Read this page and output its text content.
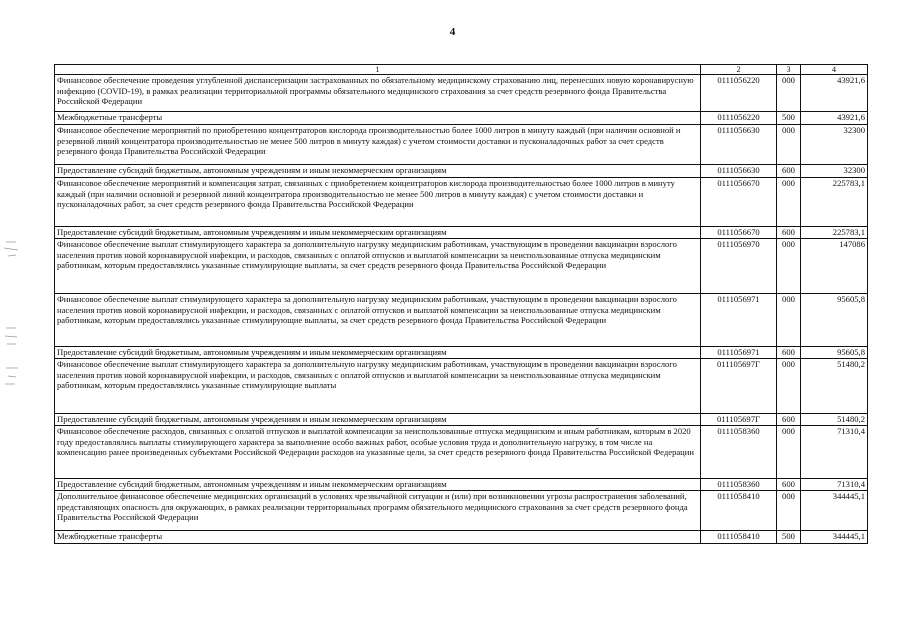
4
1	2	3	4
Финансовое обеспечение проведения углубленной диспансеризации застрахованных по обязательному медицинскому страхованию лиц, перенесших новую коронавирусную инфекцию (COVID-19), в рамках реализации территориальной программы обязательного медицинского страхования за счет средств резервного фонда Правительства Российской Федерации	0111056220	000	43921,6
Межбюджетные трансферты	0111056220	500	43921,6
Финансовое обеспечение мероприятий по приобретению концентраторов кислорода производительностью более 1000 литров в минуту каждый (при наличии основной и резервной линий концентратора производительностью не менее 500 литров в минуту каждая) с учетом стоимости доставки и пусконаладочных работ за счет средств резервного фонда Правительства Российской Федерации	0111056630	000	32300
Предоставление субсидий бюджетным, автономным учреждениям и иным некоммерческим организациям	0111056630	600	32300
Финансовое обеспечение мероприятий и компенсация затрат, связанных с приобретением концентраторов кислорода производительностью более 1000 литров в минуту каждый (при наличии основной и резервной линий концентратора производительностью не менее 500 литров в минуту каждая) с учетом стоимости доставки и пусконаладочных работ, за счет средств резервного фонда Правительства Российской Федерации	0111056670	000	225783,1
Предоставление субсидий бюджетным, автономным учреждениям и иным некоммерческим организациям	0111056670	600	225783,1
Финансовое обеспечение выплат стимулирующего характера за дополнительную нагрузку медицинским работникам, участвующим в проведении вакцинации взрослого населения против новой коронавирусной инфекции, и расходов, связанных с оплатой отпусков и выплатой компенсации за неиспользованные отпуска медицинским работникам, которым предоставлялись указанные стимулирующие выплаты, за счет средств резервного фонда Правительства Российской Федерации	0111056970	000	147086
Финансовое обеспечение выплат стимулирующего характера за дополнительную нагрузку медицинским работникам, участвующим в проведении вакцинации взрослого населения против новой коронавирусной инфекции, и расходов, связанных с оплатой отпусков и выплатой компенсации за неиспользованные отпуска медицинским работникам, которым предоставлялись указанные стимулирующие выплаты, за счет средств резервного фонда Правительства Российской Федерации	0111056971	000	95605,8
Предоставление субсидий бюджетным, автономным учреждениям и иным некоммерческим организациям	0111056971	600	95605,8
Финансовое обеспечение выплат стимулирующего характера за дополнительную нагрузку медицинским работникам, участвующим в проведении вакцинации взрослого населения против новой коронавирусной инфекции, и расходов, связанных с оплатой отпусков и выплатой компенсации за неиспользованные отпуска медицинским работникам, которым предоставлялись указанные стимулирующие выплаты	011105697Г	000	51480,2
Предоставление субсидий бюджетным, автономным учреждениям и иным некоммерческим организациям	011105697Г	600	51480,2
Финансовое обеспечение расходов, связанных с оплатой отпусков и выплатой компенсации за неиспользованные отпуска медицинским и иным работникам, которым в 2020 году предоставлялись выплаты стимулирующего характера за выполнение особо важных работ, особые условия труда и дополнительную нагрузку, в том числе на компенсацию ранее произведенных субъектами Российской Федерации расходов на указанные цели, за счет средств резервного фонда Правительства Российской Федерации	0111058360	000	71310,4
Предоставление субсидий бюджетным, автономным учреждениям и иным некоммерческим организациям	0111058360	600	71310,4
Дополнительное финансовое обеспечение медицинских организаций в условиях чрезвычайной ситуации и (или) при возникновении угрозы распространения заболеваний, представляющих опасность для окружающих, в рамках реализации территориальных программ обязательного медицинского страхования за счет средств резервного фонда Правительства Российской Федерации	0111058410	000	344445,1
Межбюджетные трансферты	0111058410	500	344445,1
